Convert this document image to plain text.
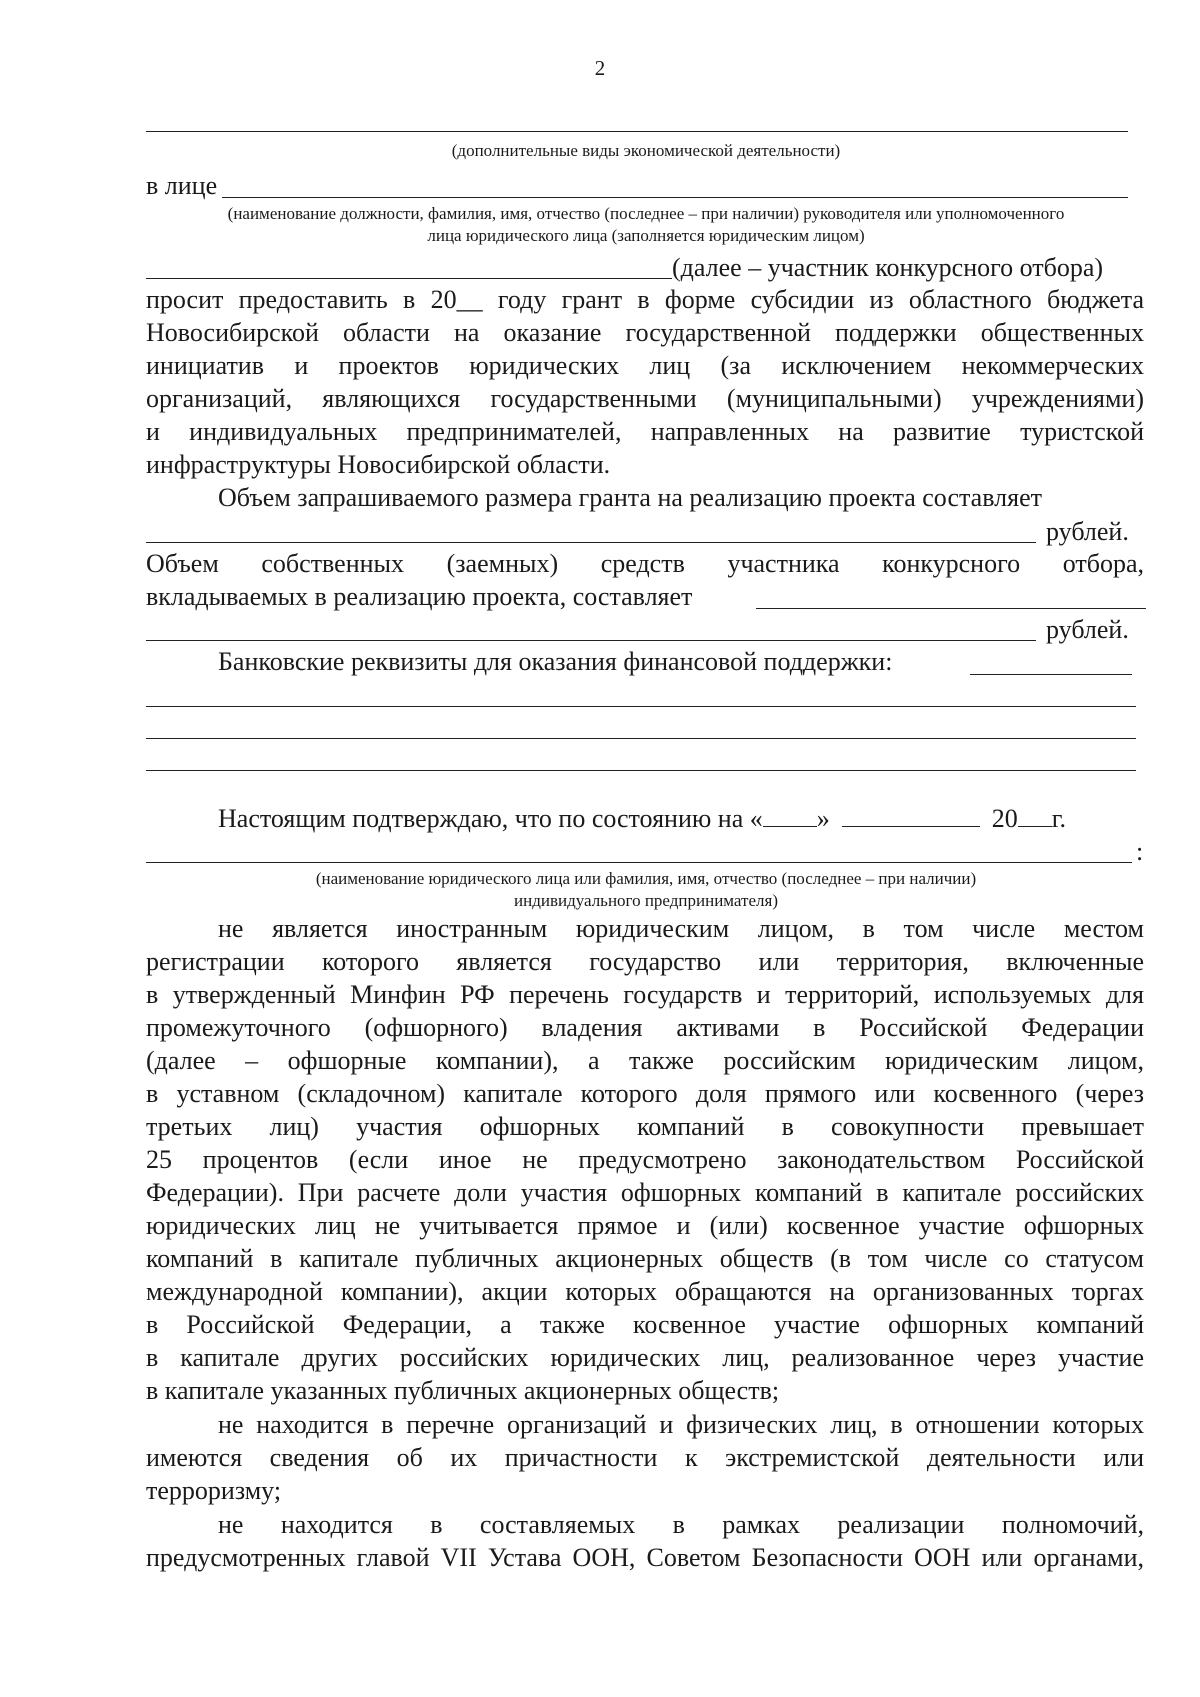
2
(дополнительные виды экономической деятельности)
в лице
(наименование должности, фамилия, имя, отчество (последнее – при наличии) руководителя или уполномоченного
лица юридического лица (заполняется юридическим лицом)
(далее – участник конкурсного отбора)
просит предоставить в 20__ году грант в форме субсидии из областного бюджета
Новосибирской области на оказание государственной поддержки общественных
инициатив и проектов юридических лиц (за исключением некоммерческих
организаций, являющихся государственными (муниципальными) учреждениями)
и индивидуальных предпринимателей, направленных на развитие туристской
инфраструктуры Новосибирской области.
Объем запрашиваемого размера гранта на реализацию проекта составляет
рублей.
Объем собственных (заемных) средств участника конкурсного отбора,
вкладываемых в реализацию проекта, составляет
рублей.
Банковские реквизиты для оказания финансовой поддержки:
Настоящим подтверждаю, что по состоянию на « »	20 г.
:
(наименование юридического лица или фамилия, имя, отчество (последнее – при наличии)
индивидуального предпринимателя)
не является иностранным юридическим лицом, в том числе местом
регистрации которого является государство или территория, включенные
в утвержденный Минфин РФ перечень государств и территорий, используемых для
промежуточного (офшорного) владения активами в Российской Федерации
(далее – офшорные компании), а также российским юридическим лицом,
в уставном (складочном) капитале которого доля прямого или косвенного (через
третьих лиц) участия офшорных компаний в совокупности превышает
25 процентов (если иное не предусмотрено законодательством Российской
Федерации). При расчете доли участия офшорных компаний в капитале российских
юридических лиц не учитывается прямое и (или) косвенное участие офшорных
компаний в капитале публичных акционерных обществ (в том числе со статусом
международной компании), акции которых обращаются на организованных торгах
в Российской Федерации, а также косвенное участие офшорных компаний
в капитале других российских юридических лиц, реализованное через участие
в капитале указанных публичных акционерных обществ;
не находится в перечне организаций и физических лиц, в отношении которых
имеются сведения об их причастности к экстремистской деятельности или
терроризму;
не находится в составляемых в рамках реализации полномочий,
предусмотренных главой VII Устава ООН, Советом Безопасности ООН или органами,
